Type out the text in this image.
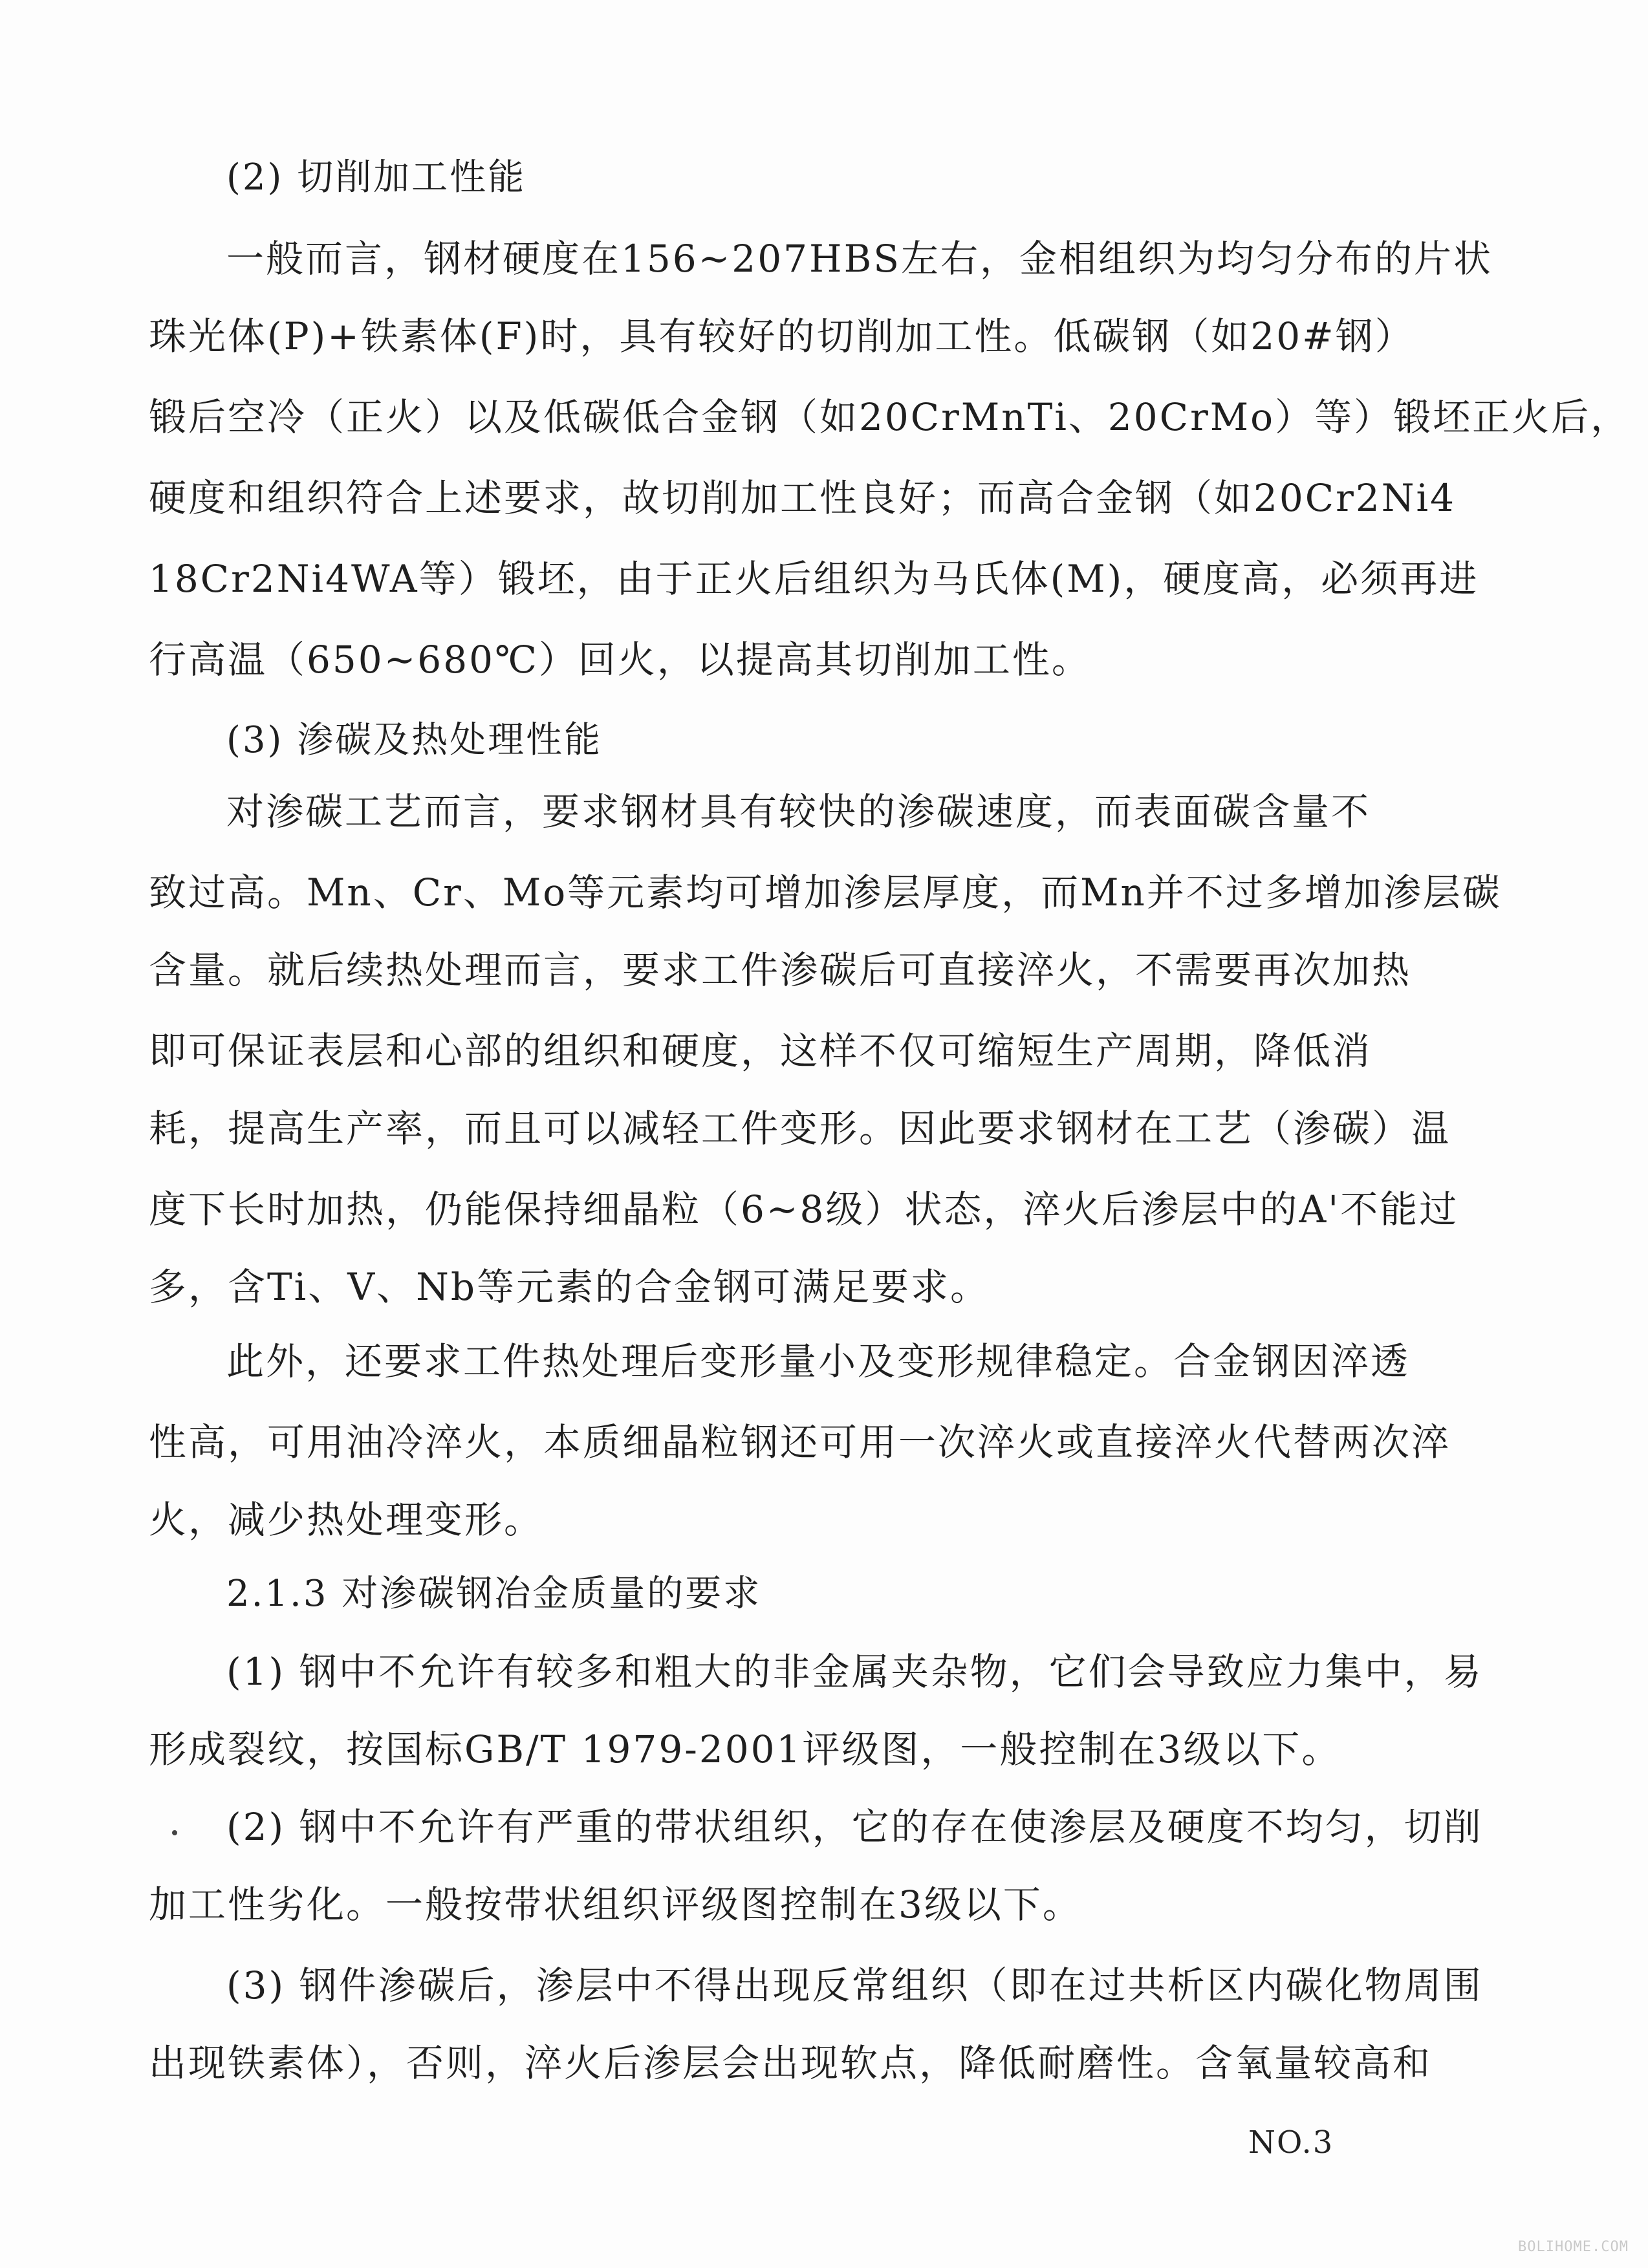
(2) 切削加工性能
一般而言，钢材硬度在156~207HBS左右，金相组织为均匀分布的片状
珠光体(P)+铁素体(F)时，具有较好的切削加工性。低碳钢（如20#钢）
锻后空冷（正火）以及低碳低合金钢（如20CrMnTi、20CrMo）等）锻坯正火后，
硬度和组织符合上述要求，故切削加工性良好；而高合金钢（如20Cr2Ni4
18Cr2Ni4WA等）锻坯，由于正火后组织为马氏体(M)，硬度高，必须再进
行高温（650~680℃）回火，以提高其切削加工性。
(3) 渗碳及热处理性能
对渗碳工艺而言，要求钢材具有较快的渗碳速度，而表面碳含量不
致过高。Mn、Cr、Mo等元素均可增加渗层厚度，而Mn并不过多增加渗层碳
含量。就后续热处理而言，要求工件渗碳后可直接淬火，不需要再次加热
即可保证表层和心部的组织和硬度，这样不仅可缩短生产周期，降低消
耗，提高生产率，而且可以减轻工件变形。因此要求钢材在工艺（渗碳）温
度下长时加热，仍能保持细晶粒（6~8级）状态，淬火后渗层中的A'不能过
多，含Ti、V、Nb等元素的合金钢可满足要求。
此外，还要求工件热处理后变形量小及变形规律稳定。合金钢因淬透
性高，可用油冷淬火，本质细晶粒钢还可用一次淬火或直接淬火代替两次淬
火，减少热处理变形。
2.1.3 对渗碳钢冶金质量的要求
(1) 钢中不允许有较多和粗大的非金属夹杂物，它们会导致应力集中，易
形成裂纹，按国标GB/T 1979-2001评级图，一般控制在3级以下。
(2) 钢中不允许有严重的带状组织，它的存在使渗层及硬度不均匀，切削
加工性劣化。一般按带状组织评级图控制在3级以下。
(3) 钢件渗碳后，渗层中不得出现反常组织（即在过共析区内碳化物周围
出现铁素体），否则，淬火后渗层会出现软点，降低耐磨性。含氧量较高和
NO.3
BOLIHOME.COM
